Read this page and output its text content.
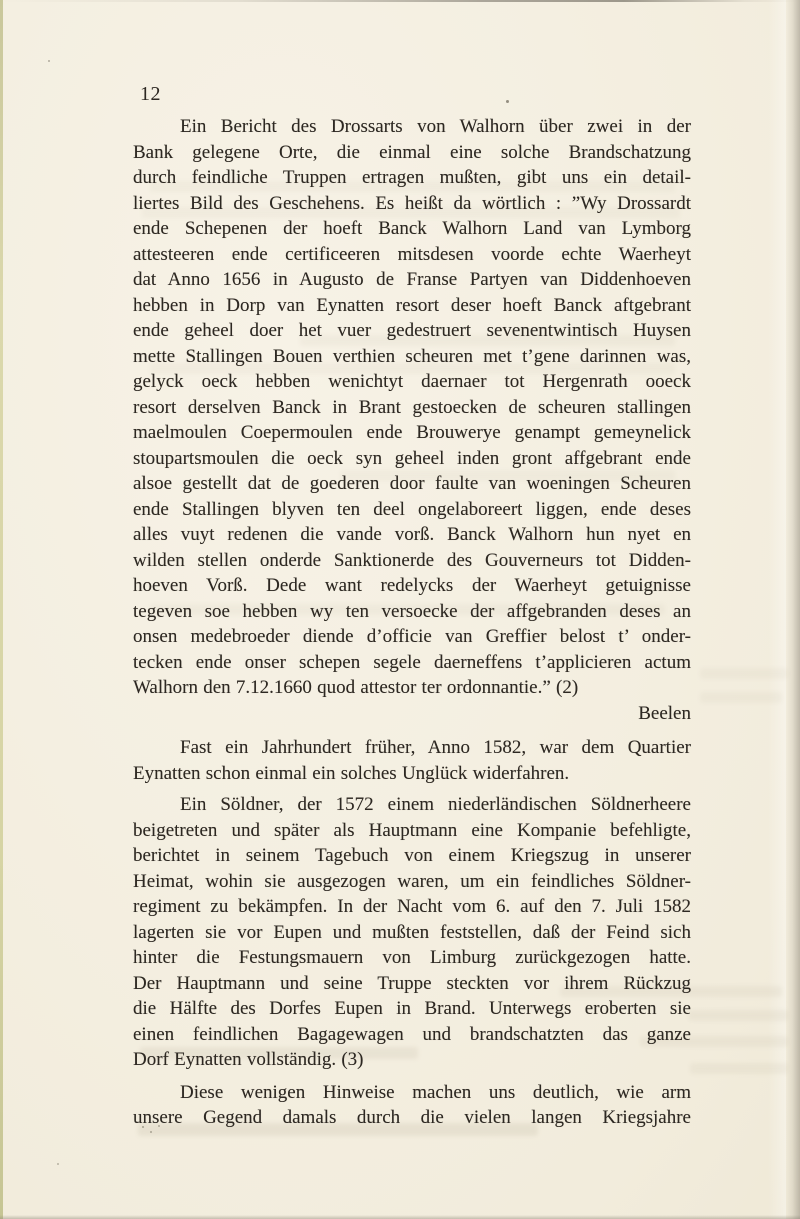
12
Ein Bericht des Drossarts von Walhorn über zwei in der
Bank gelegene Orte, die einmal eine solche Brandschatzung
durch feindliche Truppen ertragen mußten, gibt uns ein detail-
liertes Bild des Geschehens. Es heißt da wörtlich : ”Wy Drossardt
ende Schepenen der hoeft Banck Walhorn Land van Lymborg
attesteeren ende certificeeren mitsdesen voorde echte Waerheyt
dat Anno 1656 in Augusto de Franse Partyen van Diddenhoeven
hebben in Dorp van Eynatten resort deser hoeft Banck aftgebrant
ende geheel doer het vuer gedestruert sevenentwintisch Huysen
mette Stallingen Bouen verthien scheuren met t’gene darinnen was,
gelyck oeck hebben wenichtyt daernaer tot Hergenrath ooeck
resort derselven Banck in Brant gestoecken de scheuren stallingen
maelmoulen Coepermoulen ende Brouwerye genampt gemeynelick
stoupartsmoulen die oeck syn geheel inden gront affgebrant ende
alsoe gestellt dat de goederen door faulte van woeningen Scheuren
ende Stallingen blyven ten deel ongelaboreert liggen, ende deses
alles vuyt redenen die vande vorß. Banck Walhorn hun nyet en
wilden stellen onderde Sanktionerde des Gouverneurs tot Didden-
hoeven Vorß. Dede want redelycks der Waerheyt getuignisse
tegeven soe hebben wy ten versoecke der affgebranden deses an
onsen medebroeder diende d’officie van Greffier belost t’ onder-
tecken ende onser schepen segele daerneffens t’applicieren actum
Walhorn den 7.12.1660 quod attestor ter ordonnantie.” (2)
Beelen
Fast ein Jahrhundert früher, Anno 1582, war dem Quartier
Eynatten schon einmal ein solches Unglück widerfahren.
Ein Söldner, der 1572 einem niederländischen Söldnerheere
beigetreten und später als Hauptmann eine Kompanie befehligte,
berichtet in seinem Tagebuch von einem Kriegszug in unserer
Heimat, wohin sie ausgezogen waren, um ein feindliches Söldner-
regiment zu bekämpfen. In der Nacht vom 6. auf den 7. Juli 1582
lagerten sie vor Eupen und mußten feststellen, daß der Feind sich
hinter die Festungsmauern von Limburg zurückgezogen hatte.
Der Hauptmann und seine Truppe steckten vor ihrem Rückzug
die Hälfte des Dorfes Eupen in Brand. Unterwegs eroberten sie
einen feindlichen Bagagewagen und brandschatzten das ganze
Dorf Eynatten vollständig. (3)
Diese wenigen Hinweise machen uns deutlich, wie arm
unsere Gegend damals durch die vielen langen Kriegsjahre
